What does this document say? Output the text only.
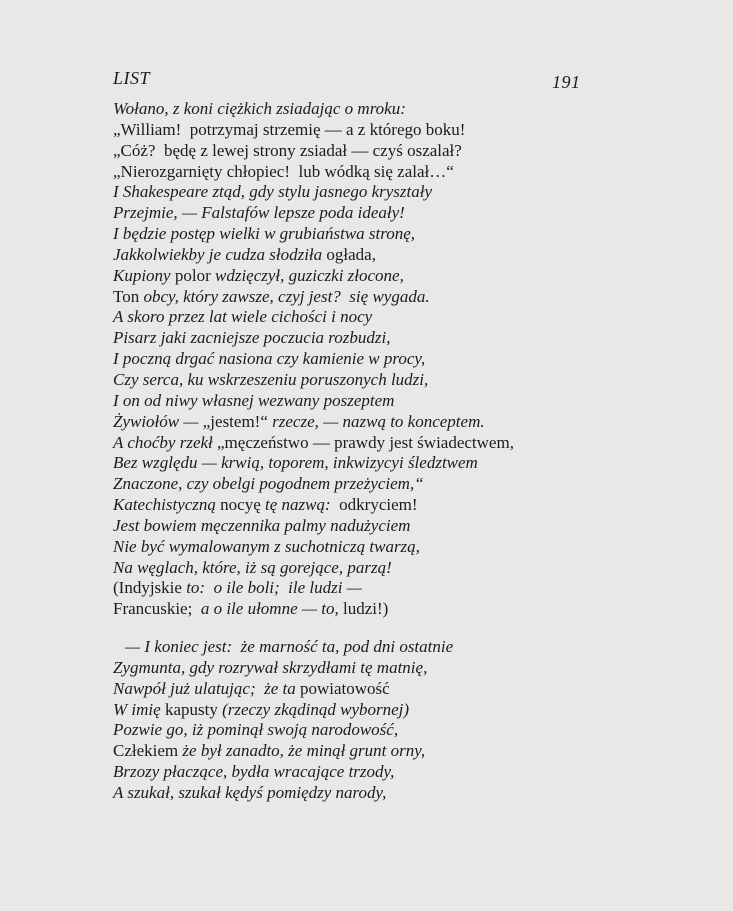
LIST	191
Wołano, z koni ciężkich zsiadając o mroku:
„William!  potrzymaj strzemię — a z którego boku!
„Cóż?  będę z lewej strony zsiadał — czyś oszalał?
„Nierozgarnięty chłopiec!  lub wódką się zalał…“
I Shakespeare ztąd, gdy stylu jasnego kryształy
Przejmie, — Falstafów lepsze poda ideały!
I będzie postęp wielki w grubiaństwa stronę,
Jakkolwiekby je cudza słodziła ogłada,
Kupiony polor wdzięczył, guziczki złocone,
Ton obcy, który zawsze, czyj jest?  się wygada.
A skoro przez lat wiele cichości i nocy
Pisarz jaki zacniejsze poczucia rozbudzi,
I poczną drgać nasiona czy kamienie w procy,
Czy serca, ku wskrzeszeniu poruszonych ludzi,
I on od niwy własnej wezwany poszeptem
Żywiołów — „jestem!“ rzecze, — nazwą to konceptem.
A choćby rzekł „męczeństwo — prawdy jest świadectwem,
Bez względu — krwią, toporem, inkwizycyi śledztwem
Znaczone, czy obelgi pogodnem przeżyciem,“
Katechistyczną nocyę tę nazwą:  odkryciem!
Jest bowiem męczennika palmy nadużyciem
Nie być wymalowanym z suchotniczą twarzą,
Na węglach, które, iż są gorejące, parzą!
(Indyjskie to:  o ile boli;  ile ludzi —
Francuskie;  a o ile ułomne — to, ludzi!)
— I koniec jest:  że marność ta, pod dni ostatnie
Zygmunta, gdy rozrywał skrzydłami tę matnię,
Nawpół już ulatując;  że ta powiatowość
W imię kapusty (rzeczy zkądinąd wybornej)
Pozwie go, iż pominął swoją narodowość,
Człekiem że był zanadto, że minął grunt orny,
Brzozy płaczące, bydła wracające trzody,
A szukał, szukał kędyś pomiędzy narody,
